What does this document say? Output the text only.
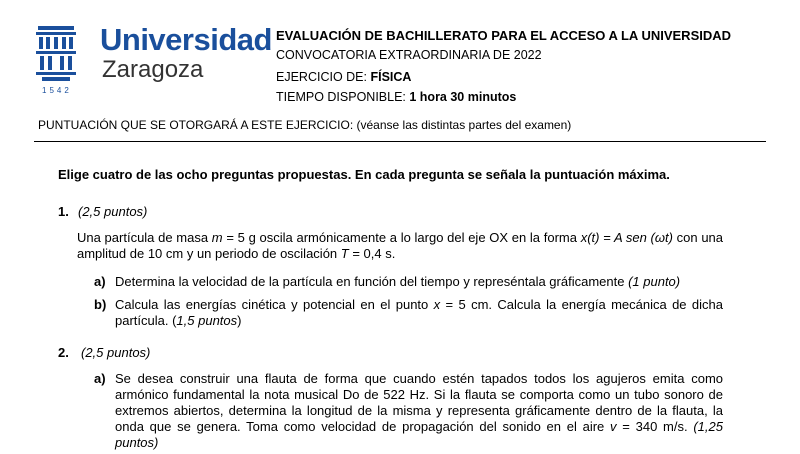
1542
Universidad
Zaragoza
EVALUACIÓN DE BACHILLERATO PARA EL ACCESO A LA UNIVERSIDAD
CONVOCATORIA EXTRAORDINARIA DE 2022
EJERCICIO DE: FÍSICA
TIEMPO DISPONIBLE: 1 hora 30 minutos
PUNTUACIÓN QUE SE OTORGARÁ A ESTE EJERCICIO: (véanse las distintas partes del examen)
Elige cuatro de las ocho preguntas propuestas. En cada pregunta se señala la puntuación máxima.
1. (2,5 puntos)
Una partícula de masa m = 5 g oscila armónicamente a lo largo del eje OX en la forma x(t) = A sen (ωt) con una amplitud de 10 cm y un periodo de oscilación T = 0,4 s.
a) Determina la velocidad de la partícula en función del tiempo y represéntala gráficamente (1 punto)
b) Calcula las energías cinética y potencial en el punto x = 5 cm. Calcula la energía mecánica de dicha partícula. (1,5 puntos)
2. (2,5 puntos)
a) Se desea construir una flauta de forma que cuando estén tapados todos los agujeros emita como armónico fundamental la nota musical Do de 522 Hz. Si la flauta se comporta como un tubo sonoro de extremos abiertos, determina la longitud de la misma y representa gráficamente dentro de la flauta, la onda que se genera. Toma como velocidad de propagación del sonido en el aire v = 340 m/s. (1,25 puntos)
